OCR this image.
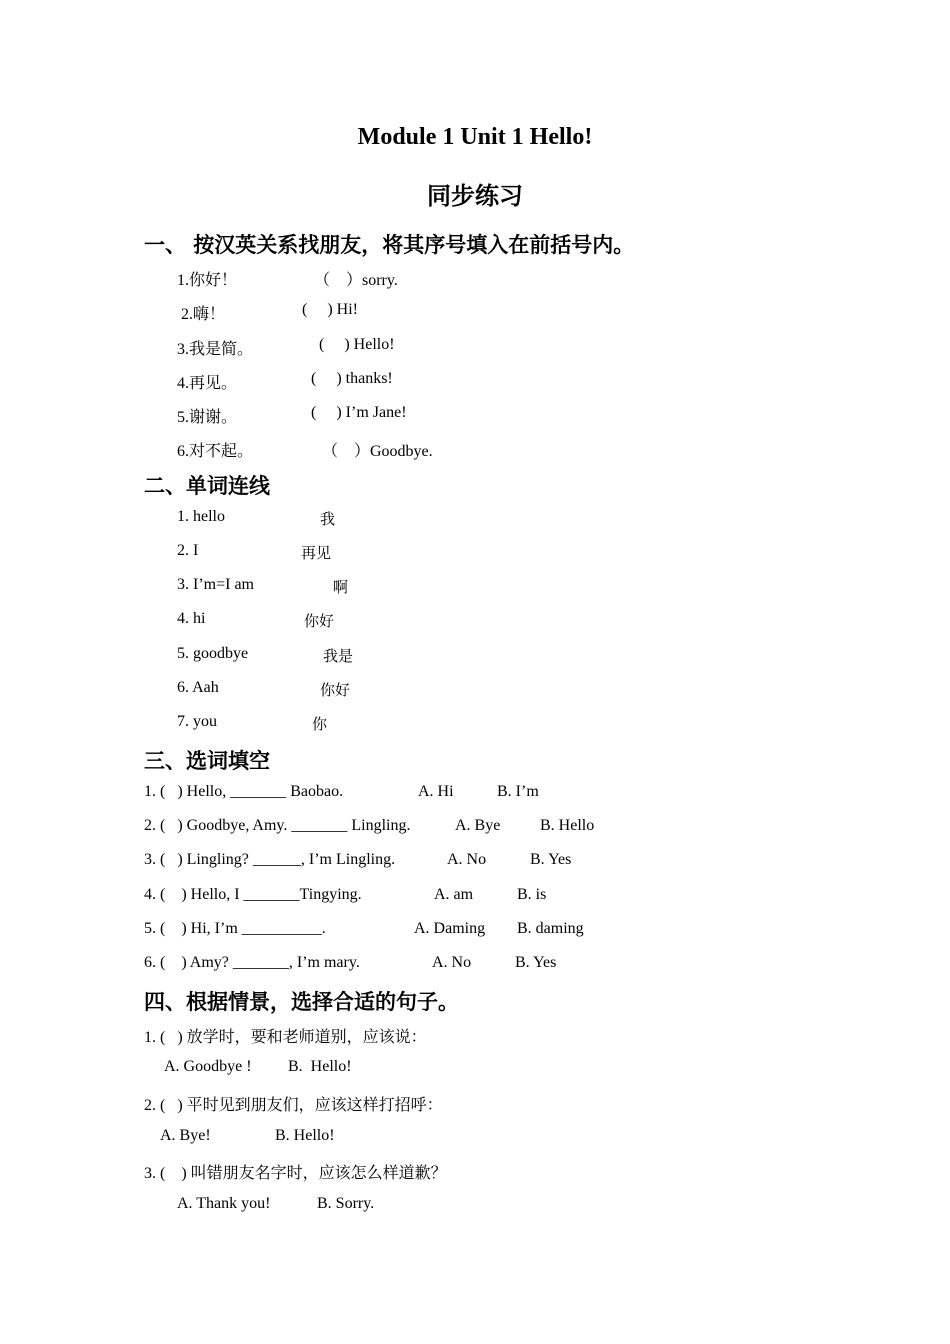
Module 1 Unit 1 Hello!
同步练习
一、 按汉英关系找朋友，将其序号填入在前括号内。
1.你好！	（    ）sorry.
2.嗨！	(     ) Hi!
3.我是简。	(     ) Hello!
4.再见。	(     ) thanks!
5.谢谢。	(     ) I’m Jane!
6.对不起。	（    ）Goodbye.
二、单词连线
1. hello	我
2. I	再见
3. I’m=I am	啊
4. hi	你好
5. goodbye	我是
6. Aah	你好
7. you	你
三、选词填空
1. (   ) Hello, _______ Baobao.	A. Hi	B. I’m
2. (   ) Goodbye, Amy. _______ Lingling.	A. Bye B. Hello
3. (   ) Lingling? ______, I’m Lingling.	A. No	B. Yes
4. (    ) Hello, I _______Tingying.	A. am	B. is
5. (    ) Hi, I’m __________.	A. Daming B. daming
6. (    ) Amy? _______, I’m mary.	A. No	B. Yes
四、根据情景，选择合适的句子。
1. (   ) 放学时，要和老师道别，应该说：
A. Goodbye ! B.  Hello!
2. (   ) 平时见到朋友们，应该这样打招呼：
A. Bye!	B. Hello!
3. (    ) 叫错朋友名字时，应该怎么样道歉？
A. Thank you!	B. Sorry.
